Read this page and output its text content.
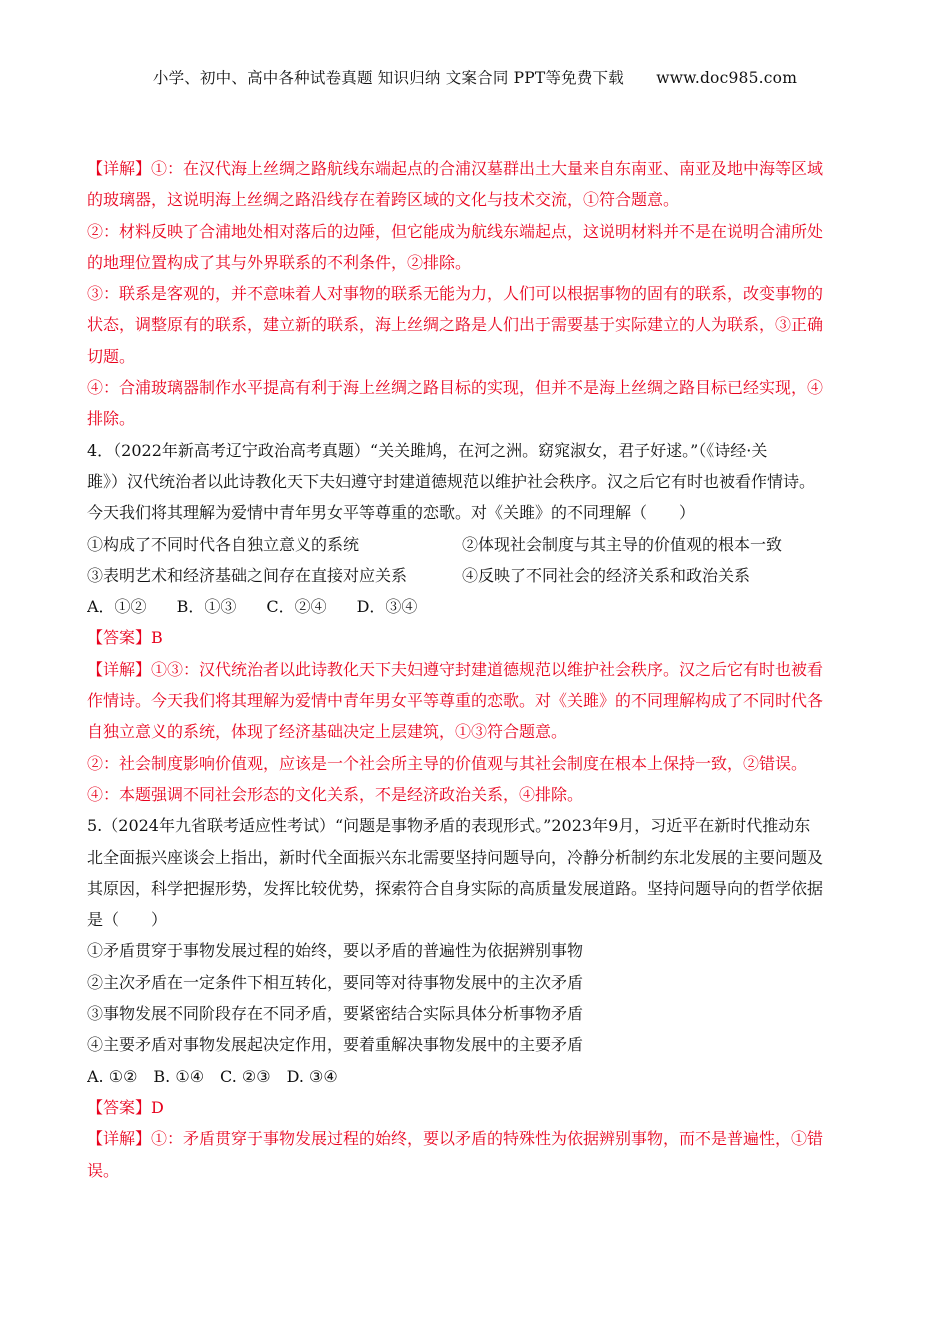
小学、初中、高中各种试卷真题 知识归纳 文案合同 PPT等免费下载 www.doc985.com
【详解】①：在汉代海上丝绸之路航线东端起点的合浦汉墓群出土大量来自东南亚、南亚及地中海等区域
的玻璃器，这说明海上丝绸之路沿线存在着跨区域的文化与技术交流，①符合题意。
②：材料反映了合浦地处相对落后的边陲，但它能成为航线东端起点，这说明材料并不是在说明合浦所处
的地理位置构成了其与外界联系的不利条件，②排除。
③：联系是客观的，并不意味着人对事物的联系无能为力，人们可以根据事物的固有的联系，改变事物的
状态，调整原有的联系，建立新的联系，海上丝绸之路是人们出于需要基于实际建立的人为联系，③正确
切题。
④：合浦玻璃器制作水平提高有利于海上丝绸之路目标的实现，但并不是海上丝绸之路目标已经实现，④
排除。
4．（2022年新高考辽宁政治高考真题）“关关雎鸠，在河之洲。窈窕淑女，君子好逑。”（《诗经·关
雎》）汉代统治者以此诗教化天下夫妇遵守封建道德规范以维护社会秩序。汉之后它有时也被看作情诗。
今天我们将其理解为爱情中青年男女平等尊重的恋歌。对《关雎》的不同理解（　　）
①构成了不同时代各自独立意义的系统	②体现社会制度与其主导的价值观的根本一致
③表明艺术和经济基础之间存在直接对应关系	④反映了不同社会的经济关系和政治关系
A．①② B．①③ C．②④ D．③④
【答案】B
【详解】①③：汉代统治者以此诗教化天下夫妇遵守封建道德规范以维护社会秩序。汉之后它有时也被看
作情诗。今天我们将其理解为爱情中青年男女平等尊重的恋歌。对《关雎》的不同理解构成了不同时代各
自独立意义的系统，体现了经济基础决定上层建筑，①③符合题意。
②：社会制度影响价值观，应该是一个社会所主导的价值观与其社会制度在根本上保持一致，②错误。
④：本题强调不同社会形态的文化关系，不是经济政治关系，④排除。
5.（2024年九省联考适应性考试）“问题是事物矛盾的表现形式。”2023年9月，习近平在新时代推动东
北全面振兴座谈会上指出，新时代全面振兴东北需要坚持问题导向，冷静分析制约东北发展的主要问题及
其原因，科学把握形势，发挥比较优势，探索符合自身实际的高质量发展道路。坚持问题导向的哲学依据
是（　　）
①矛盾贯穿于事物发展过程的始终，要以矛盾的普遍性为依据辨别事物
②主次矛盾在一定条件下相互转化，要同等对待事物发展中的主次矛盾
③事物发展不同阶段存在不同矛盾，要紧密结合实际具体分析事物矛盾
④主要矛盾对事物发展起决定作用，要着重解决事物发展中的主要矛盾
A. ①②　B. ①④　C. ②③　D. ③④
【答案】D
【详解】①：矛盾贯穿于事物发展过程的始终，要以矛盾的特殊性为依据辨别事物，而不是普遍性，①错
误。
